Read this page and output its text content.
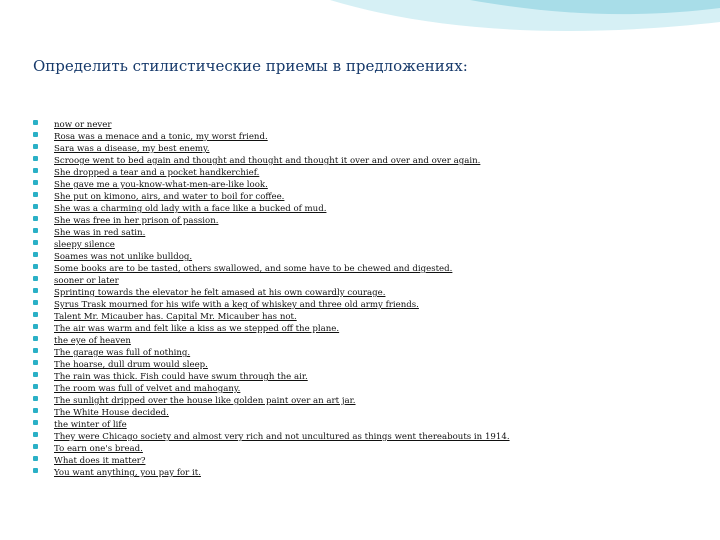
Определить стилистические приемы в предложениях:
now or never
Rosa was a menace and a tonic, my worst friend.
Sara was a disease, my best enemy.
Scrooge went to bed again and thought and thought and thought it over and over and over again.
She dropped a tear and a pocket handkerchief.
She gave me a you-know-what-men-are-like look.
She put on kimono, airs, and water to boil for coffee.
She was a charming old lady with a face like a bucked of mud.
She was free in her prison of passion.
She was in red satin.
sleepy silence
Soames was not unlike bulldog.
Some books are to be tasted, others swallowed, and some have to be chewed and digested.
sooner or later
Sprinting towards the elevator he felt amased at his own cowardly courage.
Syrus Trask mourned for his wife with a keg of whiskey and three old army friends.
Talent Mr. Micauber has. Capital Mr. Micauber has not.
The air was warm and felt like a kiss as we stepped off the plane.
the eye of heaven
The garage was full of nothing.
The hoarse, dull drum would sleep.
The rain was thick. Fish could have swum through the air.
The room was full of velvet and mahogany.
The sunlight dripped over the house like golden paint over an art jar.
The White House decided.
the winter of life
They were Chicago society and almost very rich and not uncultured as things went thereabouts in 1914.
To earn one's bread.
What does it matter?
You want anything, you pay for it.
